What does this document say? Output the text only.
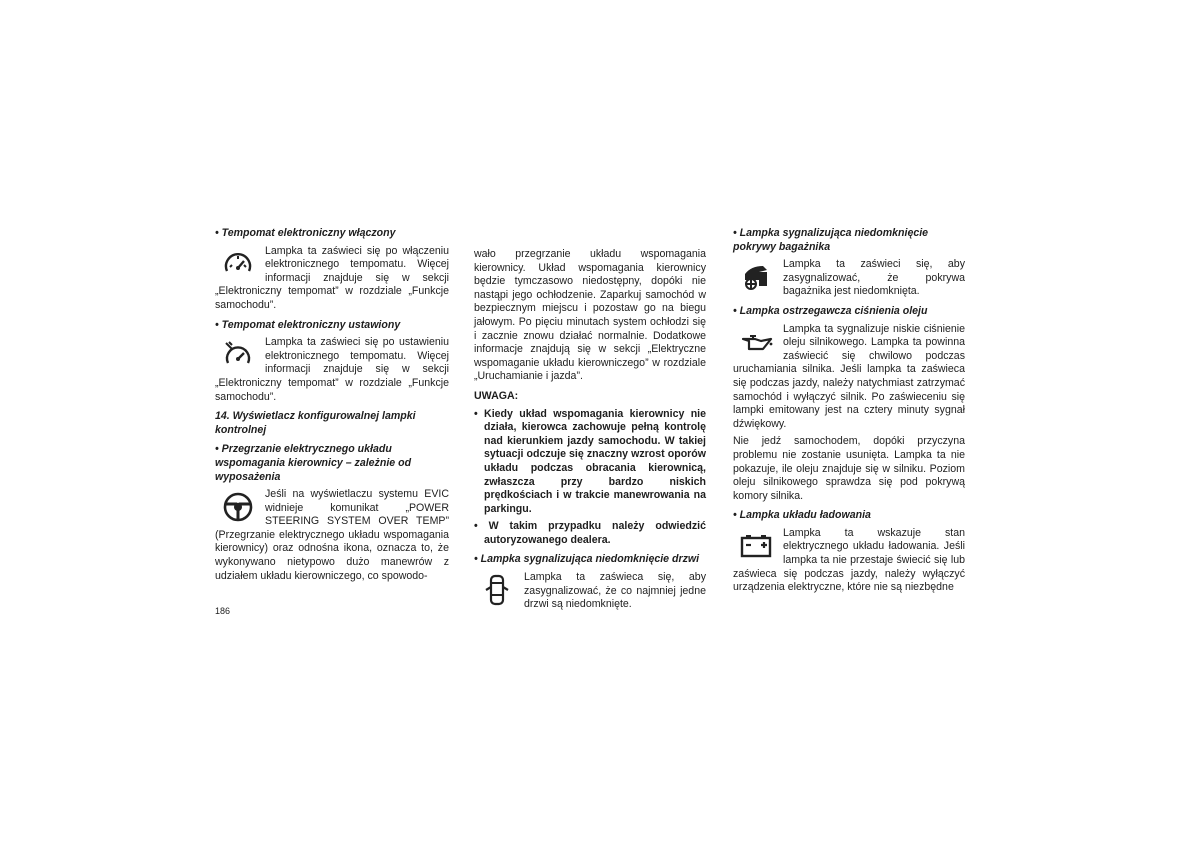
• Tempomat elektroniczny włączony

Lampka ta zaświeci się po włączeniu elektronicznego tempomatu. Więcej informacji znajduje się w sekcji „Elektroniczny tempomat” w rozdziale „Funkcje samochodu”.

• Tempomat elektroniczny ustawiony

Lampka ta zaświeci się po ustawieniu elektronicznego tempomatu. Więcej informacji znajduje się w sekcji „Elektroniczny tempomat” w rozdziale „Funkcje samochodu”.

14. Wyświetlacz konfigurowalnej lampki kontrolnej

• Przegrzanie elektrycznego układu wspomagania kierownicy – zależnie od wyposażenia

!	Jeśli na wyświetlaczu systemu EVIC widnieje komunikat „POWER STEERING SYSTEM OVER TEMP” (Przegrzanie elektrycznego układu wspomagania kierownicy) oraz odnośna ikona, oznacza to, że wykonywano nietypowo dużo manewrów z udziałem układu kierowniczego, co spowodo-

wało przegrzanie układu wspomagania kierownicy. Układ wspomagania kierownicy będzie tymczasowo niedostępny, dopóki nie nastąpi jego ochłodzenie. Zaparkuj samochód w bezpiecznym miejscu i pozostaw go na biegu jałowym. Po pięciu minutach system ochłodzi się i zacznie znowu działać normalnie. Dodatkowe informacje znajdują się w sekcji „Elektryczne wspomaganie układu kierowniczego” w rozdziale „Uruchamianie i jazda”.

UWAGA:

• Kiedy układ wspomagania kierownicy nie działa, kierowca zachowuje pełną kontrolę nad kierunkiem jazdy samochodu. W takiej sytuacji odczuje się znaczny wzrost oporów układu podczas obracania kierownicą, zwłaszcza przy bardzo niskich prędkościach i w trakcie manewrowania na parkingu.

• W takim przypadku należy odwiedzić autoryzowanego dealera.

• Lampka sygnalizująca niedomknięcie drzwi

Lampka ta zaświeca się, aby zasygnalizować, że co najmniej jedne drzwi są niedomknięte.

• Lampka sygnalizująca niedomknięcie pokrywy bagażnika

Lampka ta zaświeci się, aby zasygnalizować, że pokrywa bagażnika jest niedomknięta.

• Lampka ostrzegawcza ciśnienia oleju

Lampka ta sygnalizuje niskie ciśnienie oleju silnikowego. Lampka ta powinna zaświecić się chwilowo podczas uruchamiania silnika. Jeśli lampka ta zaświeca się podczas jazdy, należy natychmiast zatrzymać samochód i wyłączyć silnik. Po zaświeceniu się lampki emitowany jest na cztery minuty sygnał dźwiękowy.

Nie jedź samochodem, dopóki przyczyna problemu nie zostanie usunięta. Lampka ta nie pokazuje, ile oleju znajduje się w silniku. Poziom oleju silnikowego sprawdza się pod pokrywą komory silnika.

• Lampka układu ładowania

Lampka ta wskazuje stan elektrycznego układu ładowania. Jeśli lampka ta nie przestaje świecić się lub zaświeca się podczas jazdy, należy wyłączyć urządzenia elektryczne, które nie są niezbędne

186
